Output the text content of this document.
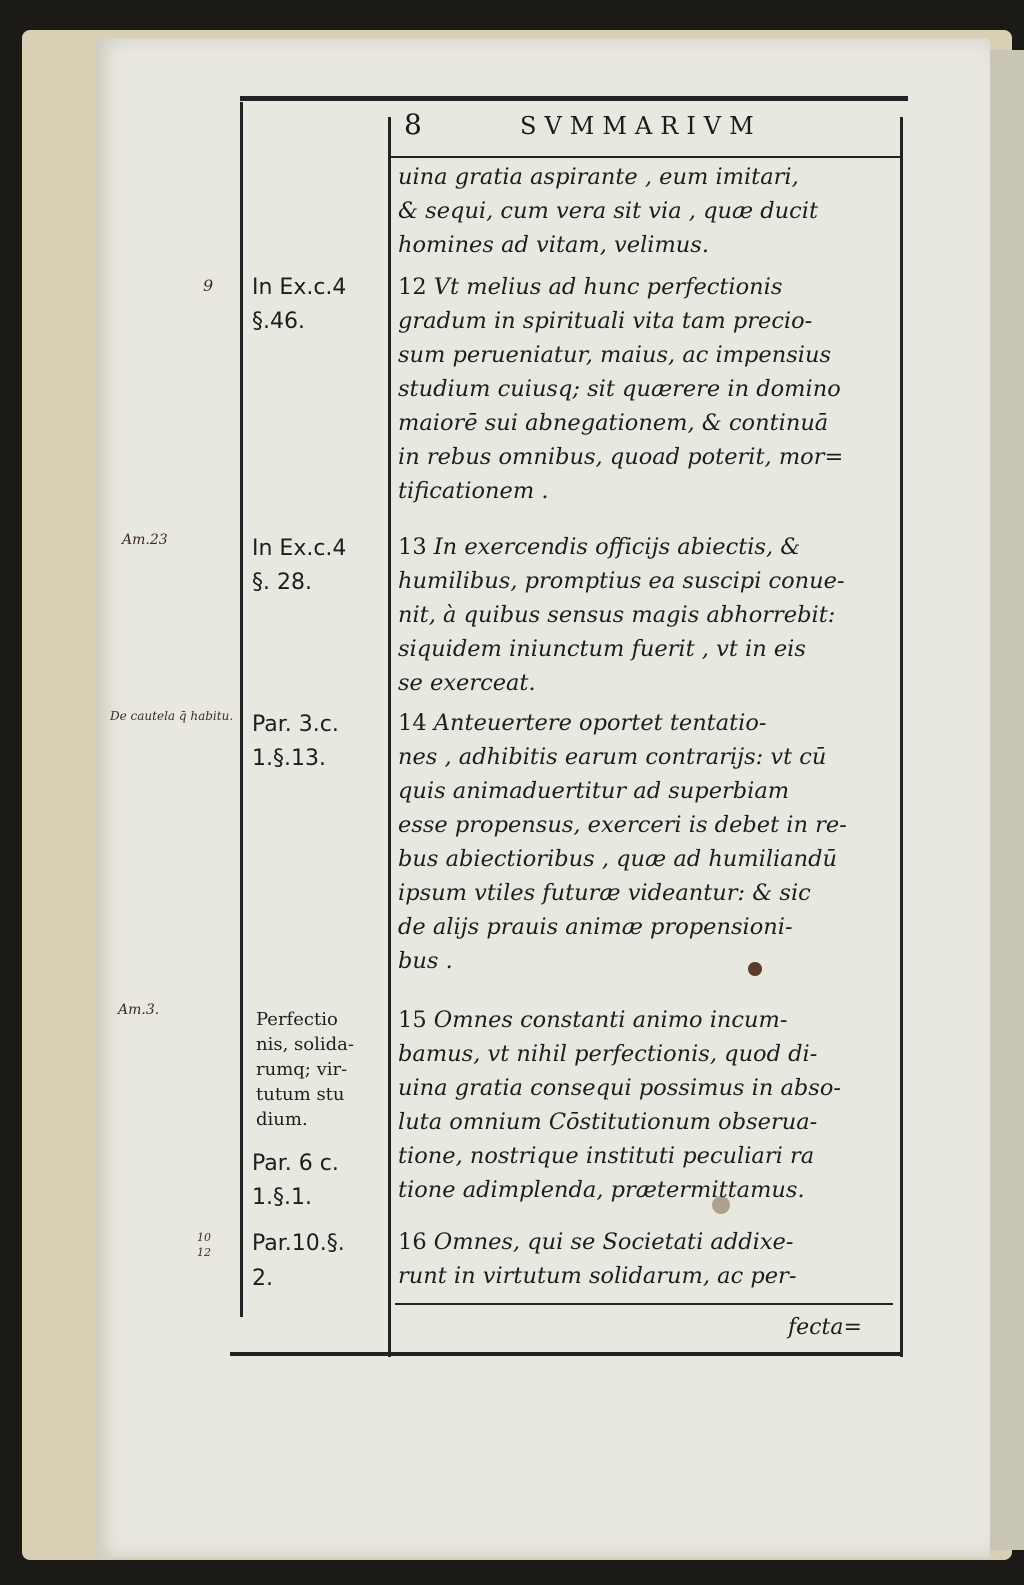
8	SVMMARIVM
In Ex.c.4
§.46.
In Ex.c.4
§. 28.
Par. 3.c.
1.§.13.
Perfectio
nis, solida-
rumq; vir-
tutum stu
dium.
Par. 6 c.
1.§.1.
Par.10.§.
2.
9
Am.23
De cautela q̄ habitu.
Am.3.
10
12
uina gratia aspirante , eum imitari,
& sequi, cum vera sit via , quæ ducit
homines ad vitam, velimus.
12 Vt melius ad hunc perfectionis
gradum in spirituali vita tam precio-
sum perueniatur, maius, ac impensius
studium cuiusq; sit quærere in domino
maiorē sui abnegationem, & continuā
in rebus omnibus, quoad poterit, mor=
tificationem .
13 In exercendis officijs abiectis, &
humilibus, promptius ea suscipi conue-
nit, à quibus sensus magis abhorrebit:
siquidem iniunctum fuerit , vt in eis
se exerceat.
14 Anteuertere oportet tentatio-
nes , adhibitis earum contrarijs: vt cū
quis animaduertitur ad superbiam
esse propensus, exerceri is debet in re-
bus abiectioribus , quæ ad humiliandū
ipsum vtiles futuræ videantur: & sic
de alijs prauis animæ propensioni-
bus .
15 Omnes constanti animo incum-
bamus, vt nihil perfectionis, quod di-
uina gratia consequi possimus in abso-
luta omnium Cōstitutionum obserua-
tione, nostrique instituti peculiari ra
tione adimplenda, prætermittamus.
16 Omnes, qui se Societati addixe-
runt in virtutum solidarum, ac per-
fecta=
